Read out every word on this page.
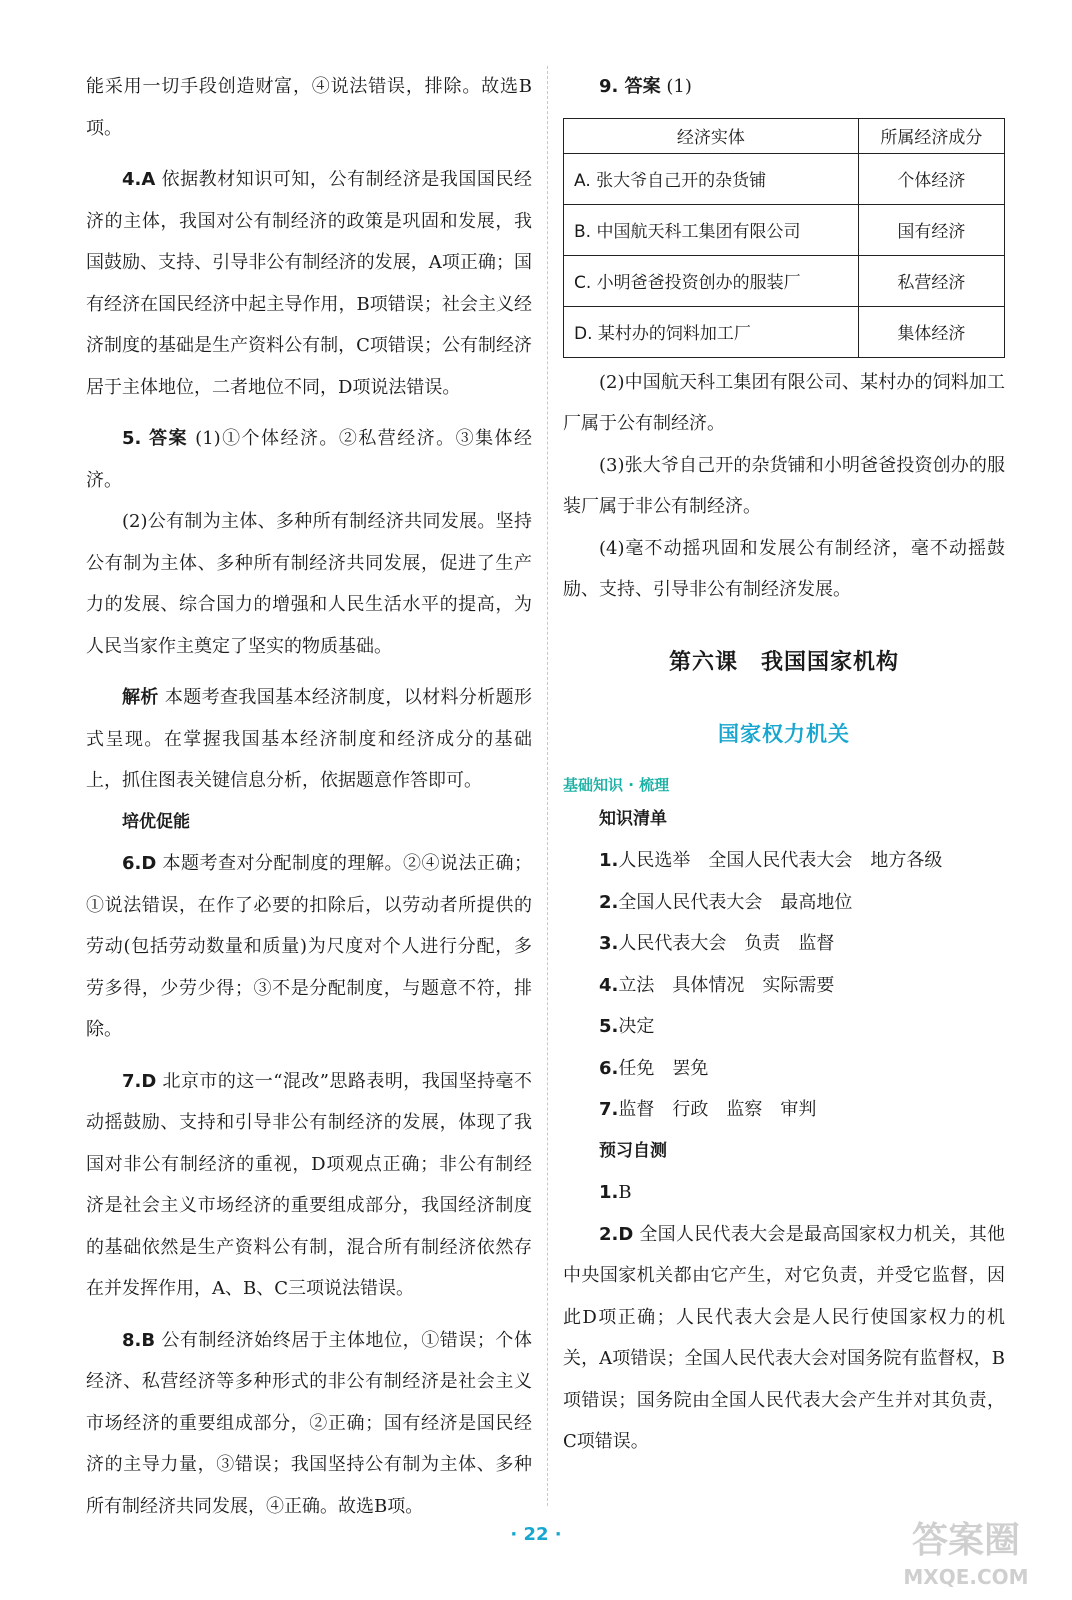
能采用一切手段创造财富，④说法错误，排除。故选B项。

4.A 依据教材知识可知，公有制经济是我国国民经济的主体，我国对公有制经济的政策是巩固和发展，我国鼓励、支持、引导非公有制经济的发展，A项正确；国有经济在国民经济中起主导作用，B项错误；社会主义经济制度的基础是生产资料公有制，C项错误；公有制经济居于主体地位，二者地位不同，D项说法错误。

5. 答案 (1)①个体经济。②私营经济。③集体经济。

(2)公有制为主体、多种所有制经济共同发展。坚持公有制为主体、多种所有制经济共同发展，促进了生产力的发展、综合国力的增强和人民生活水平的提高，为人民当家作主奠定了坚实的物质基础。

解析 本题考查我国基本经济制度，以材料分析题形式呈现。在掌握我国基本经济制度和经济成分的基础上，抓住图表关键信息分析，依据题意作答即可。

培优促能

6.D 本题考查对分配制度的理解。②④说法正确；①说法错误，在作了必要的扣除后，以劳动者所提供的劳动(包括劳动数量和质量)为尺度对个人进行分配，多劳多得，少劳少得；③不是分配制度，与题意不符，排除。

7.D 北京市的这一“混改”思路表明，我国坚持毫不动摇鼓励、支持和引导非公有制经济的发展，体现了我国对非公有制经济的重视，D项观点正确；非公有制经济是社会主义市场经济的重要组成部分，我国经济制度的基础依然是生产资料公有制，混合所有制经济依然存在并发挥作用，A、B、C三项说法错误。

8.B 公有制经济始终居于主体地位，①错误；个体经济、私营经济等多种形式的非公有制经济是社会主义市场经济的重要组成部分，②正确；国有经济是国民经济的主导力量，③错误；我国坚持公有制为主体、多种所有制经济共同发展，④正确。故选B项。

9. 答案 (1)

经济实体	所属经济成分
A. 张大爷自己开的杂货铺	个体经济
B. 中国航天科工集团有限公司	国有经济
C. 小明爸爸投资创办的服装厂	私营经济
D. 某村办的饲料加工厂	集体经济

(2)中国航天科工集团有限公司、某村办的饲料加工厂属于公有制经济。

(3)张大爷自己开的杂货铺和小明爸爸投资创办的服装厂属于非公有制经济。

(4)毫不动摇巩固和发展公有制经济，毫不动摇鼓励、支持、引导非公有制经济发展。

第六课　我国国家机构

国家权力机关

基础知识 · 梳理

知识清单

1.人民选举　全国人民代表大会　地方各级

2.全国人民代表大会　最高地位

3.人民代表大会　负责　监督

4.立法　具体情况　实际需要

5.决定

6.任免　罢免

7.监督　行政　监察　审判

预习自测

1.B

2.D 全国人民代表大会是最高国家权力机关，其他中央国家机关都由它产生，对它负责，并受它监督，因此D项正确；人民代表大会是人民行使国家权力的机关，A项错误；全国人民代表大会对国务院有监督权，B项错误；国务院由全国人民代表大会产生并对其负责，C项错误。

· 22 ·	答案圈
MXQE.COM
